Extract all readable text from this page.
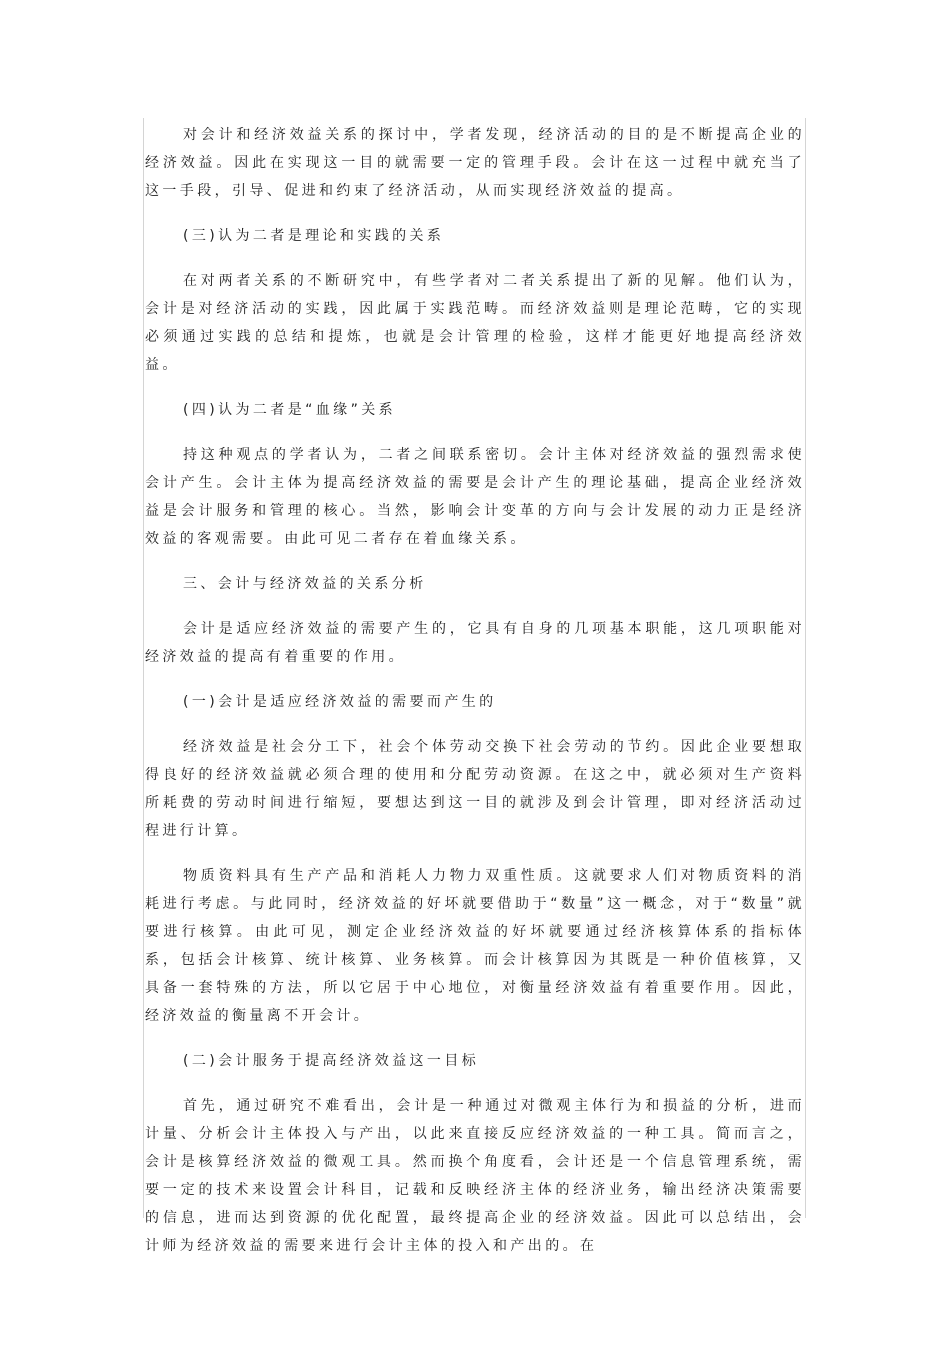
对会计和经济效益关系的探讨中，学者发现，经济活动的目的是不断提高企业的经济效益。因此在实现这一目的就需要一定的管理手段。会计在这一过程中就充当了这一手段，引导、促进和约束了经济活动，从而实现经济效益的提高。

(三)认为二者是理论和实践的关系

在对两者关系的不断研究中，有些学者对二者关系提出了新的见解。他们认为，会计是对经济活动的实践，因此属于实践范畴。而经济效益则是理论范畴，它的实现必须通过实践的总结和提炼，也就是会计管理的检验，这样才能更好地提高经济效益。

(四)认为二者是“血缘”关系

持这种观点的学者认为，二者之间联系密切。会计主体对经济效益的强烈需求使会计产生。会计主体为提高经济效益的需要是会计产生的理论基础，提高企业经济效益是会计服务和管理的核心。当然，影响会计变革的方向与会计发展的动力正是经济效益的客观需要。由此可见二者存在着血缘关系。

三、会计与经济效益的关系分析

会计是适应经济效益的需要产生的，它具有自身的几项基本职能，这几项职能对经济效益的提高有着重要的作用。

(一)会计是适应经济效益的需要而产生的

经济效益是社会分工下，社会个体劳动交换下社会劳动的节约。因此企业要想取得良好的经济效益就必须合理的使用和分配劳动资源。在这之中，就必须对生产资料所耗费的劳动时间进行缩短，要想达到这一目的就涉及到会计管理，即对经济活动过程进行计算。

物质资料具有生产产品和消耗人力物力双重性质。这就要求人们对物质资料的消耗进行考虑。与此同时，经济效益的好坏就要借助于“数量”这一概念，对于“数量”就要进行核算。由此可见，测定企业经济效益的好坏就要通过经济核算体系的指标体系，包括会计核算、统计核算、业务核算。而会计核算因为其既是一种价值核算，又具备一套特殊的方法，所以它居于中心地位，对衡量经济效益有着重要作用。因此，经济效益的衡量离不开会计。

(二)会计服务于提高经济效益这一目标

首先，通过研究不难看出，会计是一种通过对微观主体行为和损益的分析，进而计量、分析会计主体投入与产出，以此来直接反应经济效益的一种工具。简而言之，会计是核算经济效益的微观工具。然而换个角度看，会计还是一个信息管理系统，需要一定的技术来设置会计科目，记载和反映经济主体的经济业务，输出经济决策需要的信息，进而达到资源的优化配置，最终提高企业的经济效益。因此可以总结出，会计师为经济效益的需要来进行会计主体的投入和产出的。在
